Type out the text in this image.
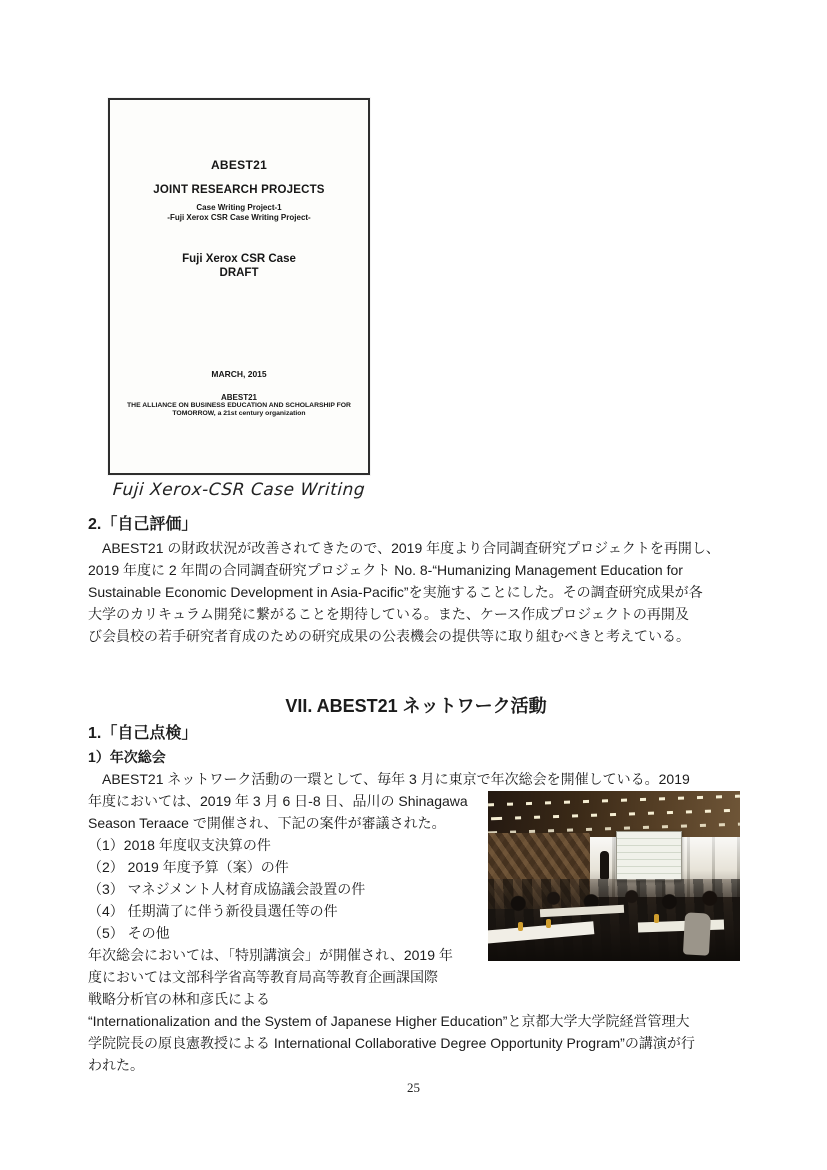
ABEST21
JOINT RESEARCH PROJECTS
Case Writing Project-1
-Fuji Xerox CSR Case Writing Project-
Fuji Xerox CSR Case
DRAFT
MARCH, 2015
ABEST21
THE ALLIANCE ON BUSINESS EDUCATION AND SCHOLARSHIP FOR
TOMORROW, a 21st century organization
Fuji Xerox-CSR Case Writing
2.「自己評価」
　ABEST21 の財政状況が改善されてきたので、2019 年度より合同調査研究プロジェクトを再開し、
2019 年度に 2 年間の合同調査研究プロジェクト No. 8-“Humanizing Management Education for
Sustainable Economic Development in Asia-Pacific”を実施することにした。その調査研究成果が各
大学のカリキュラム開発に繋がることを期待している。また、ケース作成プロジェクトの再開及
び会員校の若手研究者育成のための研究成果の公表機会の提供等に取り組むべきと考えている。
VII. ABEST21 ネットワーク活動
1.「自己点検」
1）年次総会
　ABEST21 ネットワーク活動の一環として、毎年 3 月に東京で年次総会を開催している。2019
年度においては、2019 年 3 月 6 日-8 日、品川の Shinagawa
Season Teraace で開催され、下記の案件が審議された。
（1）2018 年度収支決算の件
（2） 2019 年度予算（案）の件
（3） マネジメント人材育成協議会設置の件
（4） 任期満了に伴う新役員選任等の件
（5） その他
年次総会においては、「特別講演会」が開催され、2019 年
度においては文部科学省高等教育局高等教育企画課国際
戦略分析官の林和彦氏による
“Internationalization and the System of Japanese Higher Education”と京都大学大学院経営管理大
学院院長の原良憲教授による International Collaborative Degree Opportunity Program”の講演が行
われた。
25
